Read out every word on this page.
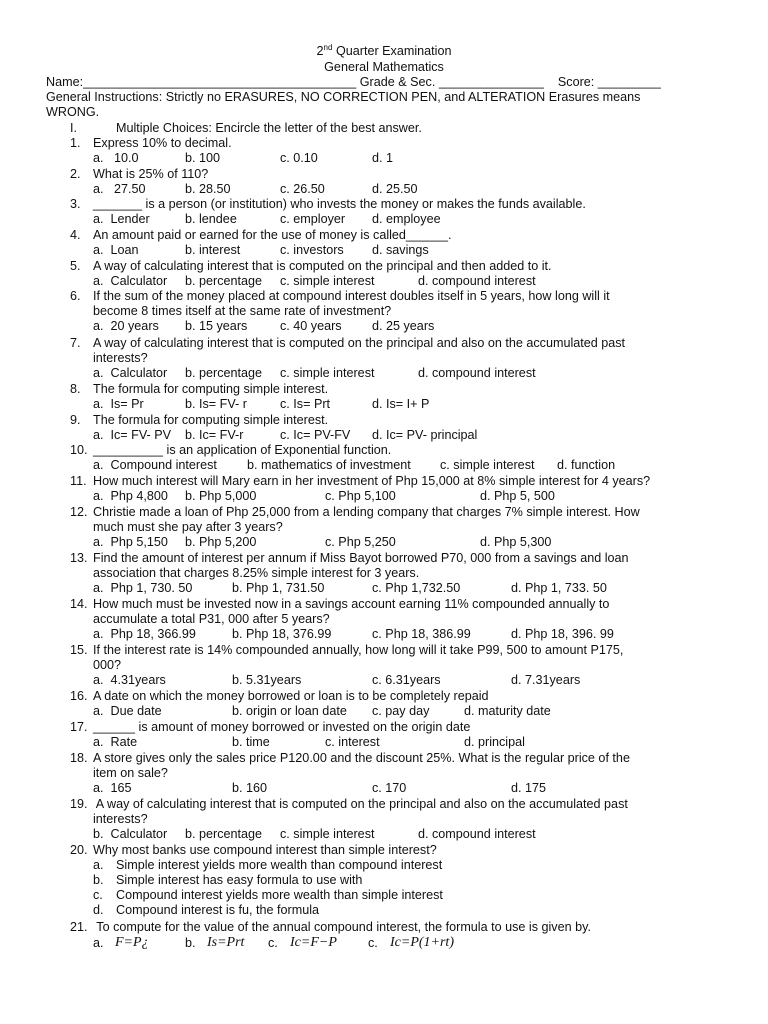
2nd Quarter Examination
General Mathematics
Name:_______________________________________ Grade & Sec. _______________    Score: _________
General Instructions: Strictly no ERASURES, NO CORRECTION PEN, and ALTERATION Erasures means
WRONG.
I.	Multiple Choices: Encircle the letter of the best answer.
1. Express 10% to decimal.
a.   10.0	b. 100	c. 0.10	d. 1
2. What is 25% of 110?
a.   27.50	b. 28.50	c. 26.50	d. 25.50
3. _______ is a person (or institution) who invests the money or makes the funds available.
a.  Lender	b. lendee	c. employer d. employee
4. An amount paid or earned for the use of money is called______.
a.  Loan	b. interest	c. investors d. savings
5. A way of calculating interest that is computed on the principal and then added to it.
a.  Calculator b. percentage c. simple interest	d. compound interest
6. If the sum of the money placed at compound interest doubles itself in 5 years, how long will it
become 8 times itself at the same rate of investment?
a.  20 years b. 15 years	c. 40 years d. 25 years
7. A way of calculating interest that is computed on the principal and also on the accumulated past
interests?
a.  Calculator b. percentage c. simple interest	d. compound interest
8. The formula for computing simple interest.
a.  Is= Pr	b. Is= FV- r	c. Is= Prt	d. Is= I+ P
9. The formula for computing simple interest.
a.  Ic= FV- PV b. Ic= FV-r	c. Ic= PV-FV d. Ic= PV- principal
10. __________ is an application of Exponential function.
a.  Compound interest b. mathematics of investment c. simple interest d. function
11. How much interest will Mary earn in her investment of Php 15,000 at 8% simple interest for 4 years?
a.  Php 4,800 b. Php 5,000	c. Php 5,100	d. Php 5, 500
12. Christie made a loan of Php 25,000 from a lending company that charges 7% simple interest. How
much must she pay after 3 years?
a.  Php 5,150 b. Php 5,200	c. Php 5,250	d. Php 5,300
13. Find the amount of interest per annum if Miss Bayot borrowed P70, 000 from a savings and loan
association that charges 8.25% simple interest for 3 years.
a.  Php 1, 730. 50	b. Php 1, 731.50	c. Php 1,732.50	d. Php 1, 733. 50
14. How much must be invested now in a savings account earning 11% compounded annually to
accumulate a total P31, 000 after 5 years?
a.  Php 18, 366.99	b. Php 18, 376.99	c. Php 18, 386.99	d. Php 18, 396. 99
15. If the interest rate is 14% compounded annually, how long will it take P99, 500 to amount P175,
000?
a.  4.31years	b. 5.31years	c. 6.31years	d. 7.31years
16. A date on which the money borrowed or loan is to be completely repaid
a.  Due date	b. origin or loan date c. pay day	d. maturity date
17. ______ is amount of money borrowed or invested on the origin date
a.  Rate	b. time	c. interest	d. principal
18. A store gives only the sales price P120.00 and the discount 25%. What is the regular price of the
item on sale?
a.  165	b. 160	c. 170	d. 175
19. A way of calculating interest that is computed on the principal and also on the accumulated past
interests?
b.  Calculator b. percentage c. simple interest	d. compound interest
20. Why most banks use compound interest than simple interest?
a. Simple interest yields more wealth than compound interest
b. Simple interest has easy formula to use with
c. Compound interest yields more wealth than simple interest
d. Compound interest is fu, the formula
21. To compute for the value of the annual compound interest, the formula to use is given by.
a. F=P¿	b. Is=Prt c. Ic=F−P c. Ic=P(1+rt)
